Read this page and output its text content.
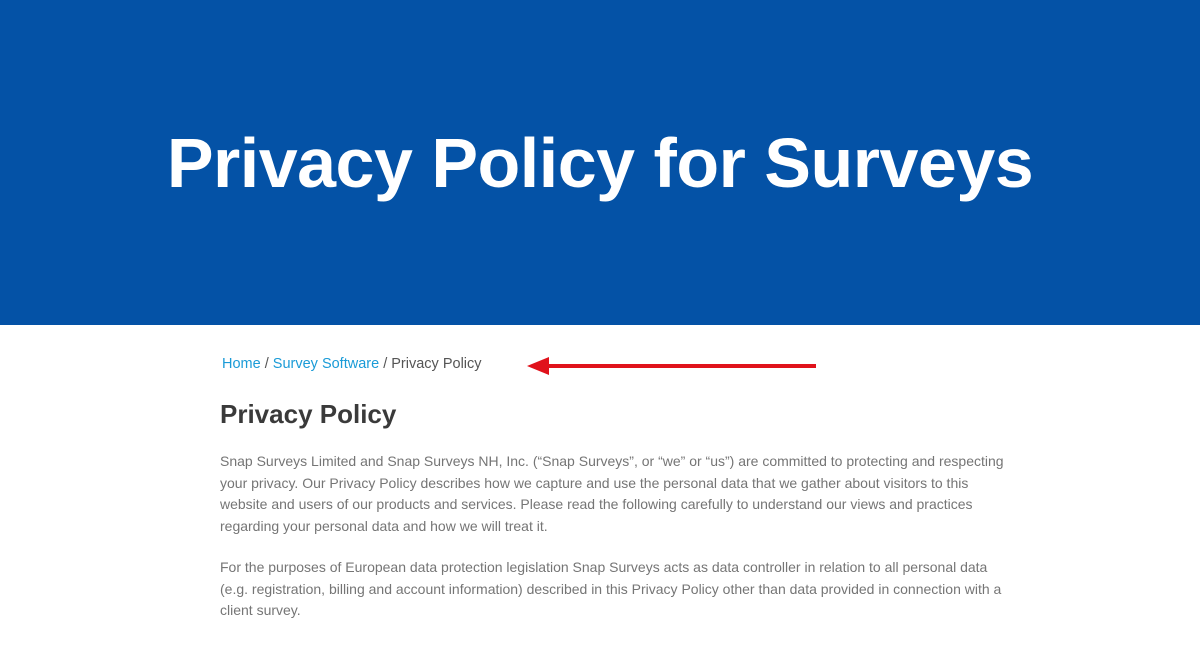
Privacy Policy for Surveys
Home / Survey Software / Privacy Policy
Privacy Policy

Snap Surveys Limited and Snap Surveys NH, Inc. (“Snap Surveys”, or “we” or “us”) are committed to protecting and respecting your privacy. Our Privacy Policy describes how we capture and use the personal data that we gather about visitors to this website and users of our products and services. Please read the following carefully to understand our views and practices regarding your personal data and how we will treat it.

For the purposes of European data protection legislation Snap Surveys acts as data controller in relation to all personal data (e.g. registration, billing and account information) described in this Privacy Policy other than data provided in connection with a client survey.
